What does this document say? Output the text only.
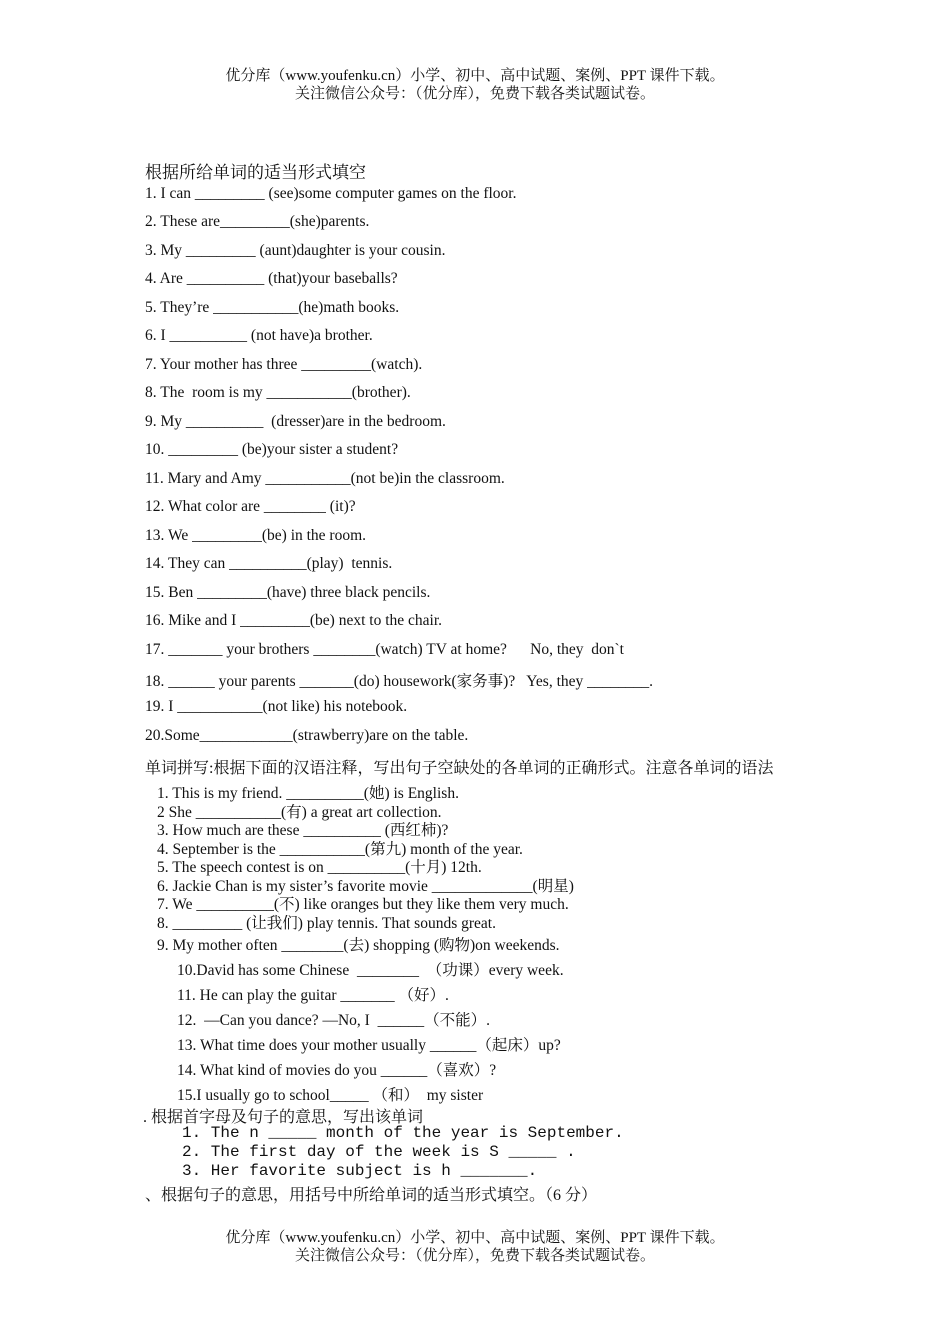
优分库（www.youfenku.cn）小学、初中、高中试题、案例、PPT 课件下载。
关注微信公众号：（优分库），免费下载各类试题试卷。
根据所给单词的适当形式填空
1. I can _________ (see)some computer games on the floor.
2. These are_________(she)parents.
3. My _________ (aunt)daughter is your cousin.
4. Are __________ (that)your baseballs?
5. They’re ___________(he)math books.
6. I __________ (not have)a brother.
7. Your mother has three _________(watch).
8. The  room is my ___________(brother).
9. My __________  (dresser)are in the bedroom.
10. _________ (be)your sister a student?
11. Mary and Amy ___________(not be)in the classroom.
12. What color are ________ (it)?
13. We _________(be) in the room.
14. They can __________(play)  tennis.
15. Ben _________(have) three black pencils.
16. Mike and I _________(be) next to the chair.
17. _______ your brothers ________(watch) TV at home?      No, they  don`t
18. ______ your parents _______(do) housework(家务事)?   Yes, they ________.
19. I ___________(not like) his notebook.
20.Some____________(strawberry)are on the table.
单词拼写:根据下面的汉语注释，写出句子空缺处的各单词的正确形式。注意各单词的语法
1. This is my friend. __________(她) is English.
2 She ___________(有) a great art collection.
3. How much are these __________ (西红柿)?
4. September is the ___________(第九) month of the year.
5. The speech contest is on __________(十月) 12th.
6. Jackie Chan is my sister’s favorite movie _____________(明星)
7. We __________(不) like oranges but they like them very much.
8. _________ (让我们) play tennis. That sounds great.
9. My mother often ________(去) shopping (购物)on weekends.
10.David has some Chinese  ________  （功课）every week.
11. He can play the guitar _______ （好）.
12.  —Can you dance? —No, I  ______（不能）.
13. What time does your mother usually ______（起床）up?
14. What kind of movies do you ______（喜欢）?
15.I usually go to school_____ （和）  my sister
. 根据首字母及句子的意思，写出该单词
1. The n _____ month of the year is September.
2. The first day of the week is S _____ .
3. Her favorite subject is h _______.
、根据句子的意思，用括号中所给单词的适当形式填空。（6 分）
优分库（www.youfenku.cn）小学、初中、高中试题、案例、PPT 课件下载。
关注微信公众号：（优分库），免费下载各类试题试卷。
